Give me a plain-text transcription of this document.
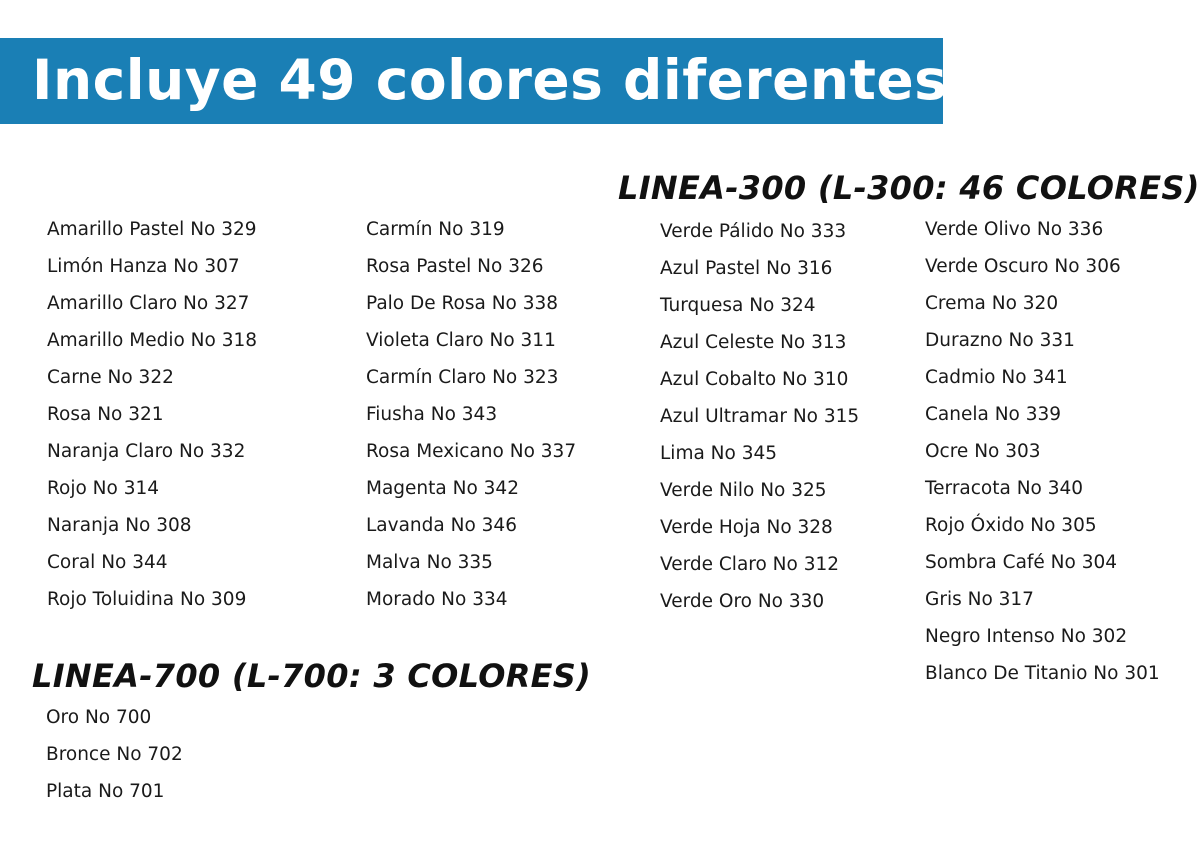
Incluye 49 colores diferentes
LINEA-300 (L-300: 46 COLORES)
Amarillo Pastel No 329
Limón Hanza No 307
Amarillo Claro No 327
Amarillo Medio No 318
Carne No 322
Rosa No 321
Naranja Claro No 332
Rojo No 314
Naranja No 308
Coral No 344
Rojo Toluidina No 309
Carmín No 319
Rosa Pastel No 326
Palo De Rosa No 338
Violeta Claro No 311
Carmín Claro No 323
Fiusha No 343
Rosa Mexicano No 337
Magenta No 342
Lavanda No 346
Malva No 335
Morado No 334
Verde Pálido No 333
Azul Pastel No 316
Turquesa No 324
Azul Celeste No 313
Azul Cobalto No 310
Azul Ultramar No 315
Lima No 345
Verde Nilo No 325
Verde Hoja No 328
Verde Claro No 312
Verde Oro No 330
Verde Olivo No 336
Verde Oscuro No 306
Crema No 320
Durazno No 331
Cadmio No 341
Canela No 339
Ocre No 303
Terracota No 340
Rojo Óxido No 305
Sombra Café No 304
Gris No 317
Negro Intenso No 302
Blanco De Titanio No 301
LINEA-700 (L-700: 3 COLORES)
Oro No 700
Bronce No 702
Plata No 701
